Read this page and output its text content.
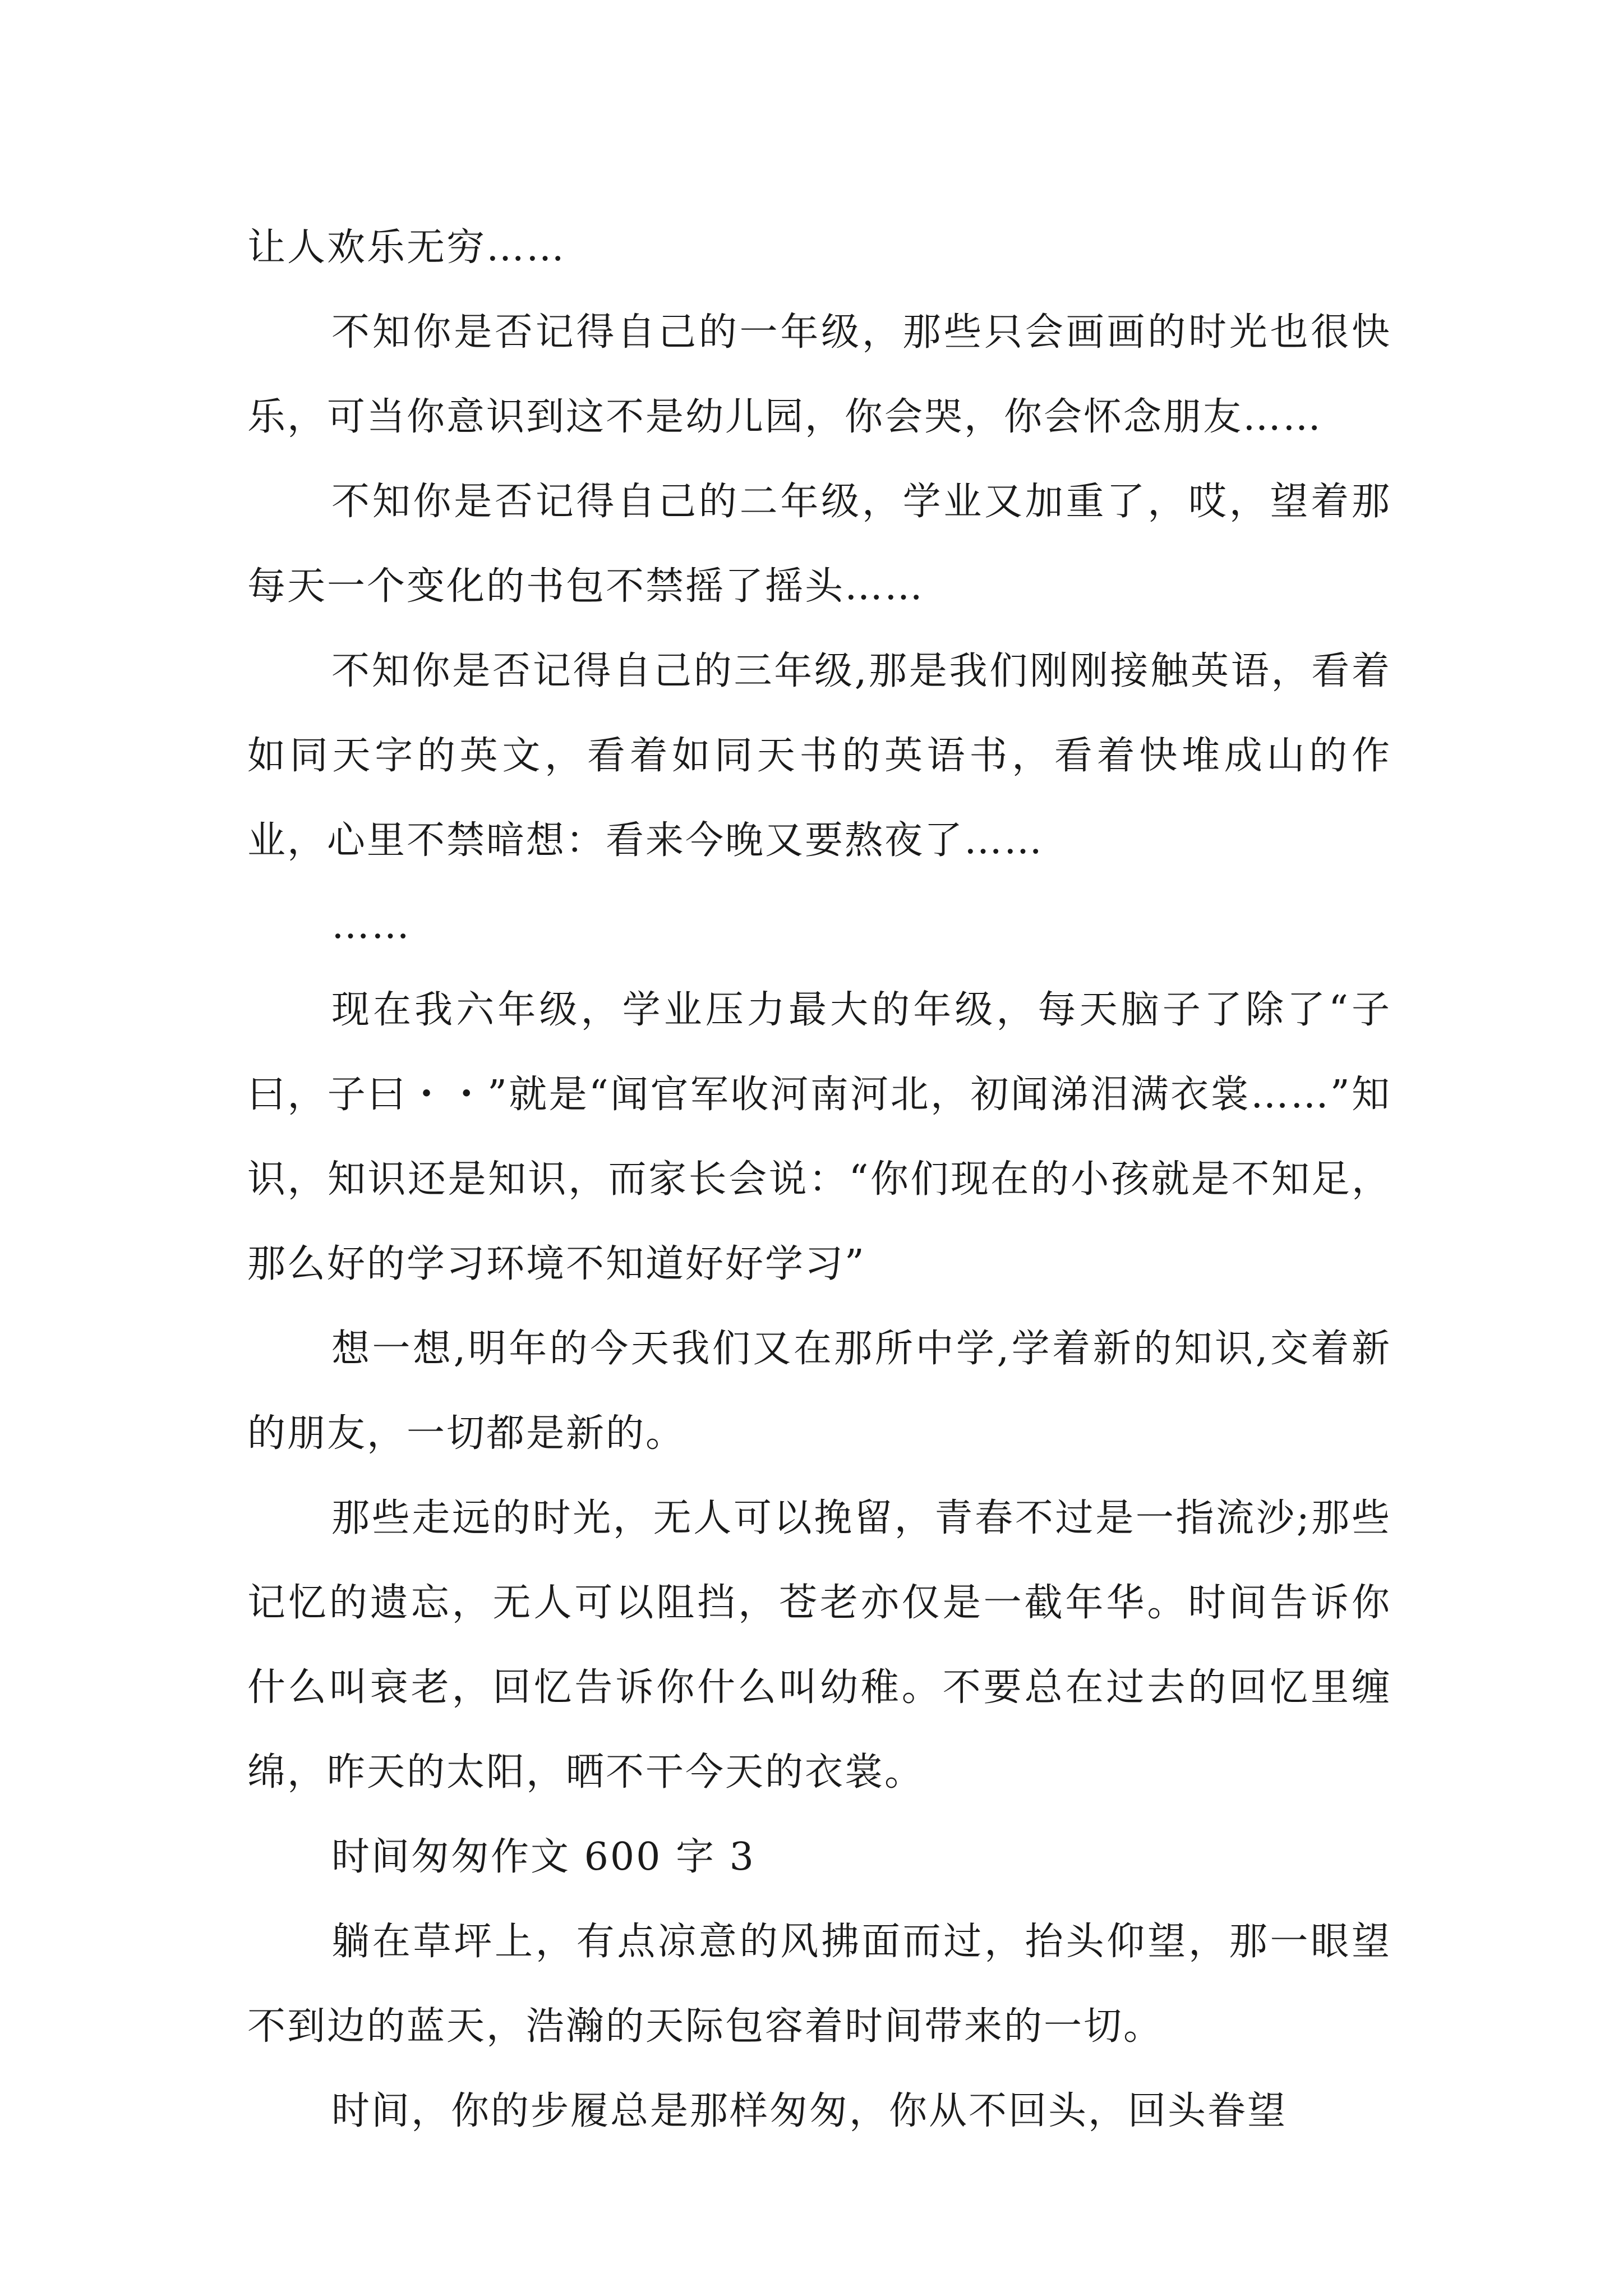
让人欢乐无穷……

不知你是否记得自己的一年级，那些只会画画的时光也很快乐，可当你意识到这不是幼儿园，你会哭，你会怀念朋友……

不知你是否记得自己的二年级，学业又加重了，哎，望着那每天一个变化的书包不禁摇了摇头……

不知你是否记得自己的三年级,那是我们刚刚接触英语，看着如同天字的英文，看着如同天书的英语书，看着快堆成山的作业，心里不禁暗想：看来今晚又要熬夜了……

……

现在我六年级，学业压力最大的年级，每天脑子了除了“子曰，子曰・・”就是“闻官军收河南河北，初闻涕泪满衣裳……”知识，知识还是知识，而家长会说：“你们现在的小孩就是不知足，那么好的学习环境不知道好好学习”

想一想,明年的今天我们又在那所中学,学着新的知识,交着新的朋友，一切都是新的。

那些走远的时光，无人可以挽留，青春不过是一指流沙;那些记忆的遗忘，无人可以阻挡，苍老亦仅是一截年华。时间告诉你什么叫衰老，回忆告诉你什么叫幼稚。不要总在过去的回忆里缠绵，昨天的太阳，晒不干今天的衣裳。

时间匆匆作文 600 字 3

躺在草坪上，有点凉意的风拂面而过，抬头仰望，那一眼望不到边的蓝天，浩瀚的天际包容着时间带来的一切。

时间，你的步履总是那样匆匆，你从不回头，回头眷望
